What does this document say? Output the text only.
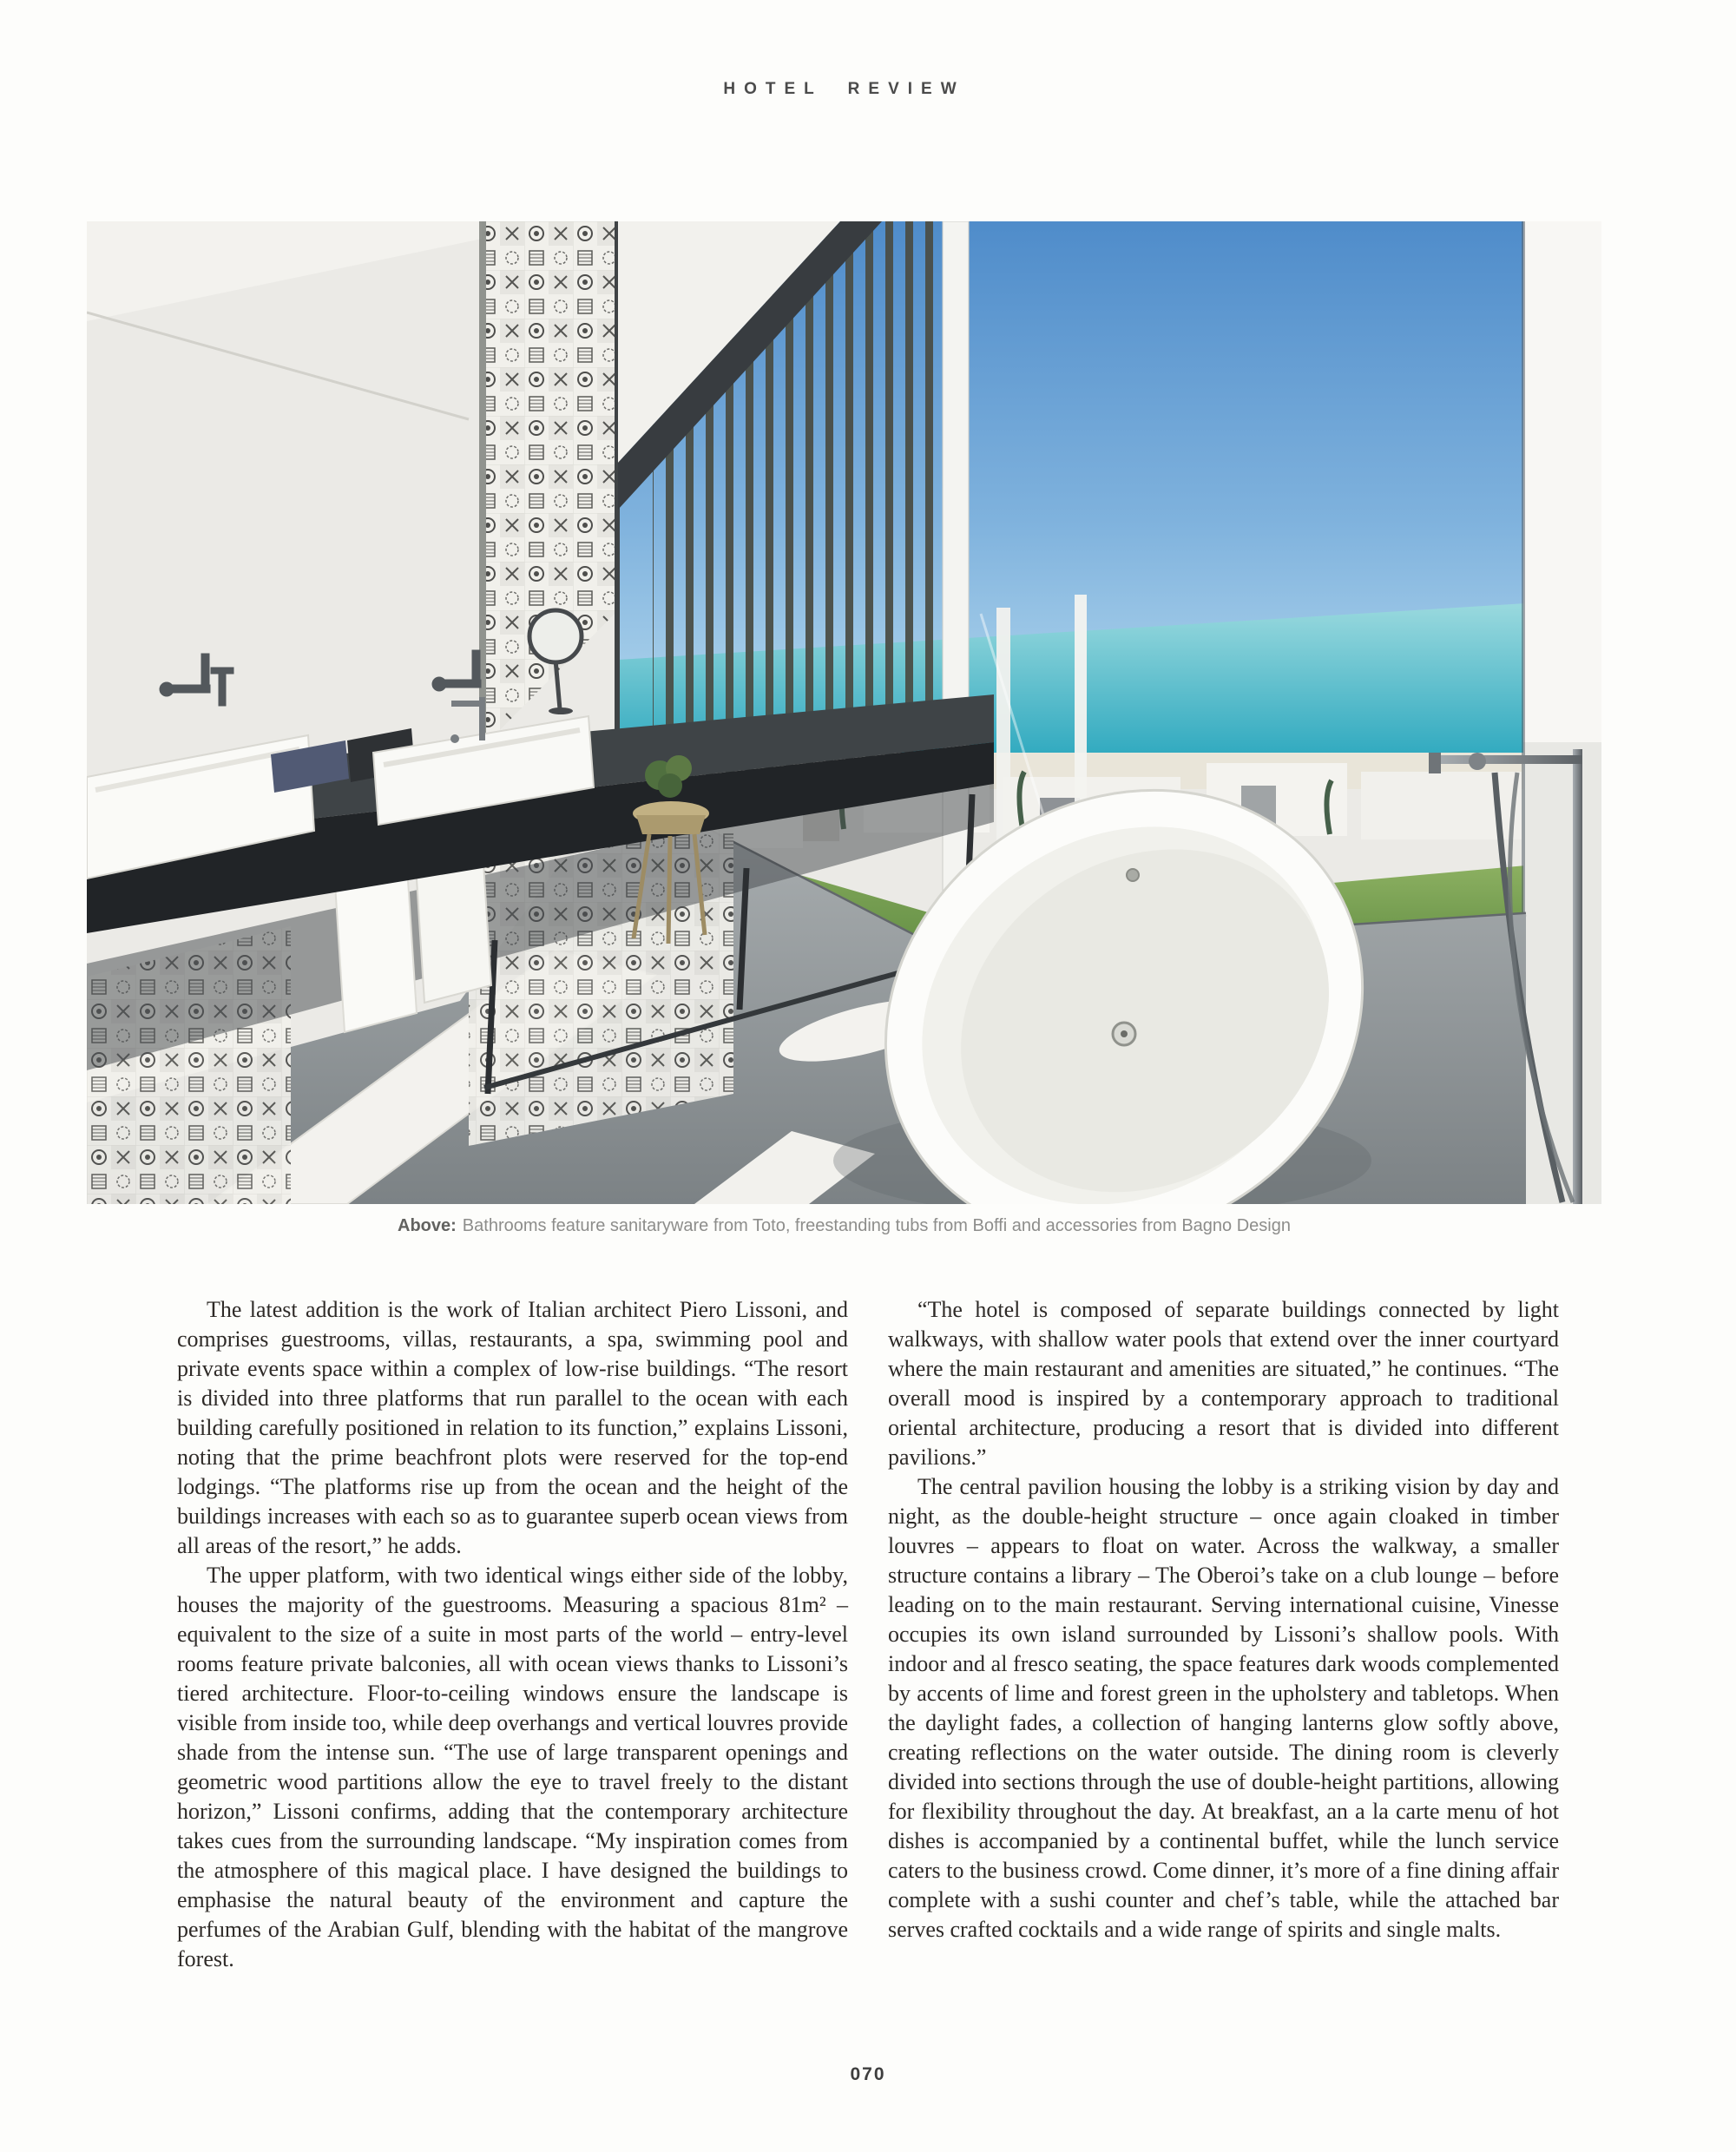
HOTEL REVIEW
Above: Bathrooms feature sanitaryware from Toto, freestanding tubs from Boffi and accessories from Bagno Design

The latest addition is the work of Italian architect Piero Lissoni, and comprises guestrooms, villas, restaurants, a spa, swimming pool and private events space within a complex of low-rise buildings. “The resort is divided into three platforms that run parallel to the ocean with each building carefully positioned in relation to its function,” explains Lissoni, noting that the prime beachfront plots were reserved for the top-end lodgings. “The platforms rise up from the ocean and the height of the buildings increases with each so as to guarantee superb ocean views from all areas of the resort,” he adds.

The upper platform, with two identical wings either side of the lobby, houses the majority of the guestrooms. Measuring a spacious 81m² – equivalent to the size of a suite in most parts of the world – entry-level rooms feature private balconies, all with ocean views thanks to Lissoni’s tiered architecture. Floor-to-ceiling windows ensure the landscape is visible from inside too, while deep overhangs and vertical louvres provide shade from the intense sun. “The use of large transparent openings and geometric wood partitions allow the eye to travel freely to the distant horizon,” Lissoni confirms, adding that the contemporary architecture takes cues from the surrounding landscape. “My inspiration comes from the atmosphere of this magical place. I have designed the buildings to emphasise the natural beauty of the environment and capture the perfumes of the Arabian Gulf, blending with the habitat of the mangrove forest.

“The hotel is composed of separate buildings connected by light walkways, with shallow water pools that extend over the inner courtyard where the main restaurant and amenities are situated,” he continues. “The overall mood is inspired by a contemporary approach to traditional oriental architecture, producing a resort that is divided into different pavilions.”

The central pavilion housing the lobby is a striking vision by day and night, as the double-height structure – once again cloaked in timber louvres – appears to float on water. Across the walkway, a smaller structure contains a library – The Oberoi’s take on a club lounge – before leading on to the main restaurant. Serving international cuisine, Vinesse occupies its own island surrounded by Lissoni’s shallow pools. With indoor and al fresco seating, the space features dark woods complemented by accents of lime and forest green in the upholstery and tabletops. When the daylight fades, a collection of hanging lanterns glow softly above, creating reflections on the water outside. The dining room is cleverly divided into sections through the use of double-height partitions, allowing for flexibility throughout the day. At breakfast, an a la carte menu of hot dishes is accompanied by a continental buffet, while the lunch service caters to the business crowd. Come dinner, it’s more of a fine dining affair complete with a sushi counter and chef’s table, while the attached bar serves crafted cocktails and a wide range of spirits and single malts.

070
